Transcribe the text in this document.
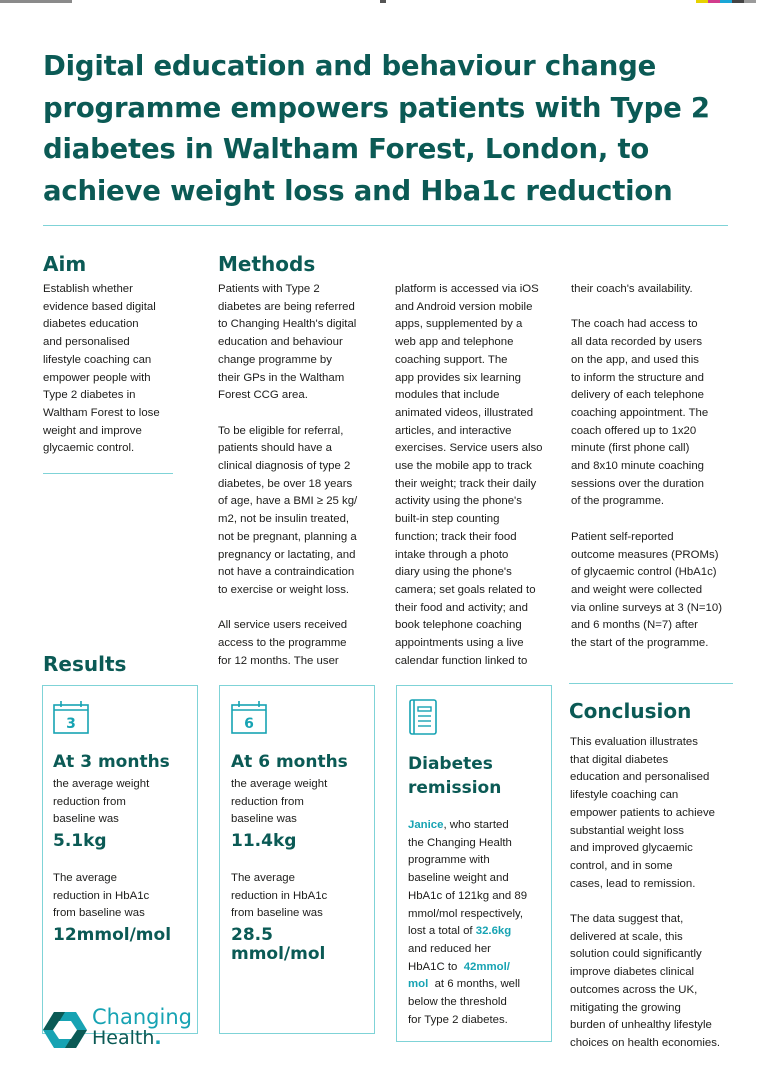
Digital education and behaviour change
programme empowers patients with Type 2
diabetes in Waltham Forest, London, to
achieve weight loss and Hba1c reduction
Aim
Establish whether
evidence based digital
diabetes education
and personalised
lifestyle coaching can
empower people with
Type 2 diabetes in
Waltham Forest to lose
weight and improve
glycaemic control.
Methods
Patients with Type 2
diabetes are being referred
to Changing Health's digital
education and behaviour
change programme by
their GPs in the Waltham
Forest CCG area.
To be eligible for referral,
patients should have a
clinical diagnosis of type 2
diabetes, be over 18 years
of age, have a BMI ≥ 25 kg/
m2, not be insulin treated,
not be pregnant, planning a
pregnancy or lactating, and
not have a contraindication
to exercise or weight loss.
All service users received
access to the programme
for 12 months. The user
platform is accessed via iOS
and Android version mobile
apps, supplemented by a
web app and telephone
coaching support. The
app provides six learning
modules that include
animated videos, illustrated
articles, and interactive
exercises. Service users also
use the mobile app to track
their weight; track their daily
activity using the phone's
built-in step counting
function; track their food
intake through a photo
diary using the phone's
camera; set goals related to
their food and activity; and
book telephone coaching
appointments using a live
calendar function linked to
their coach's availability.
The coach had access to
all data recorded by users
on the app, and used this
to inform the structure and
delivery of each telephone
coaching appointment. The
coach offered up to 1x20
minute (first phone call)
and 8x10 minute coaching
sessions over the duration
of the programme.
Patient self-reported
outcome measures (PROMs)
of glycaemic control (HbA1c)
and weight were collected
via online surveys at 3 (N=10)
and 6 months (N=7) after
the start of the programme.
Results
3
At 3 months
the average weight
reduction from
baseline was
5.1kg
The average
reduction in HbA1c
from baseline was
12mmol/mol
6
At 6 months
the average weight
reduction from
baseline was
11.4kg
The average
reduction in HbA1c
from baseline was
28.5
mmol/mol
Diabetes
remission
Janice, who started
the Changing Health
programme with
baseline weight and
HbA1c of 121kg and 89
mmol/mol respectively,
lost a total of 32.6kg
and reduced her
HbA1C to  42mmol/
mol  at 6 months, well
below the threshold
for Type 2 diabetes.
Conclusion
This evaluation illustrates
that digital diabetes
education and personalised
lifestyle coaching can
empower patients to achieve
substantial weight loss
and improved glycaemic
control, and in some
cases, lead to remission.
The data suggest that,
delivered at scale, this
solution could significantly
improve diabetes clinical
outcomes across the UK,
mitigating the growing
burden of unhealthy lifestyle
choices on health economies.
Changing
Health.
